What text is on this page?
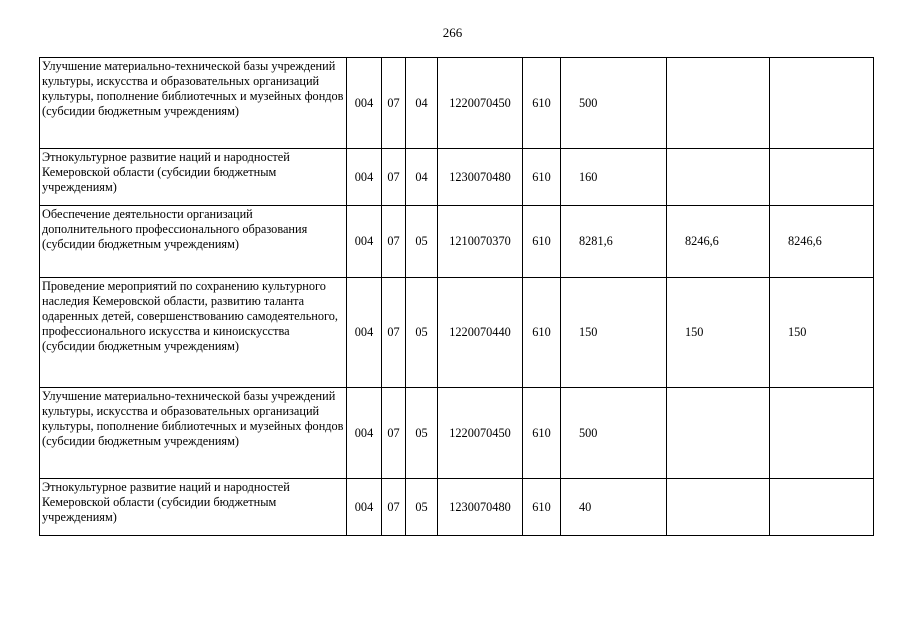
266
Улучшение материально-технической базы учреждений культуры, искусства и образовательных организаций культуры, пополнение библиотечных и музейных фондов (субсидии бюджетным учреждениям)	004	07	04	1220070450	610	500		
Этнокультурное развитие наций и народностей Кемеровской области (субсидии бюджетным учреждениям)	004	07	04	1230070480	610	160		
Обеспечение деятельности организаций дополнительного профессионального образования (субсидии бюджетным учреждениям)	004	07	05	1210070370	610	8281,6	8246,6	8246,6
Проведение мероприятий по сохранению культурного наследия Кемеровской области, развитию таланта одаренных детей, совершенствованию самодеятельного, профессионального искусства и киноискусства (субсидии бюджетным учреждениям)	004	07	05	1220070440	610	150	150	150
Улучшение материально-технической базы учреждений культуры, искусства и образовательных организаций культуры, пополнение библиотечных и музейных фондов (субсидии бюджетным учреждениям)	004	07	05	1220070450	610	500		
Этнокультурное развитие наций и народностей Кемеровской области (субсидии бюджетным учреждениям)	004	07	05	1230070480	610	40		
